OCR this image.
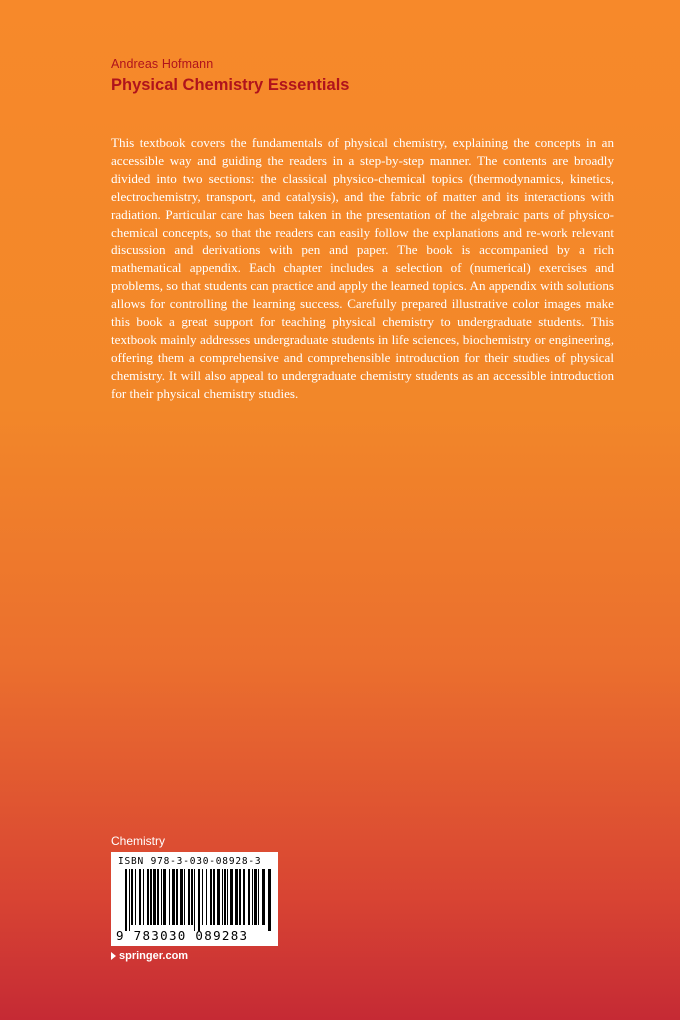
Andreas Hofmann
Physical Chemistry Essentials
This textbook covers the fundamentals of physical chemistry, explaining the concepts in an accessible way and guiding the readers in a step-by-step manner. The contents are broadly divided into two sections: the classical physico-chemical topics (thermodynamics, kinetics, electrochemistry, transport, and catalysis), and the fabric of matter and its interactions with radiation. Particular care has been taken in the presentation of the algebraic parts of physico-chemical concepts, so that the readers can easily follow the explanations and re-work relevant discussion and derivations with pen and paper. The book is accompanied by a rich mathematical appendix. Each chapter includes a selection of (numerical) exercises and problems, so that students can practice and apply the learned topics. An appendix with solutions allows for controlling the learning success. Carefully prepared illustrative color images make this book a great support for teaching physical chemistry to undergraduate students. This textbook mainly addresses undergraduate students in life sciences, biochemistry or engineering, offering them a comprehensive and comprehensible introduction for their studies of physical chemistry. It will also appeal to undergraduate chemistry students as an accessible introduction for their physical chemistry studies.
Chemistry
ISBN 978-3-030-08928-3
9 783030 089283
springer.com
